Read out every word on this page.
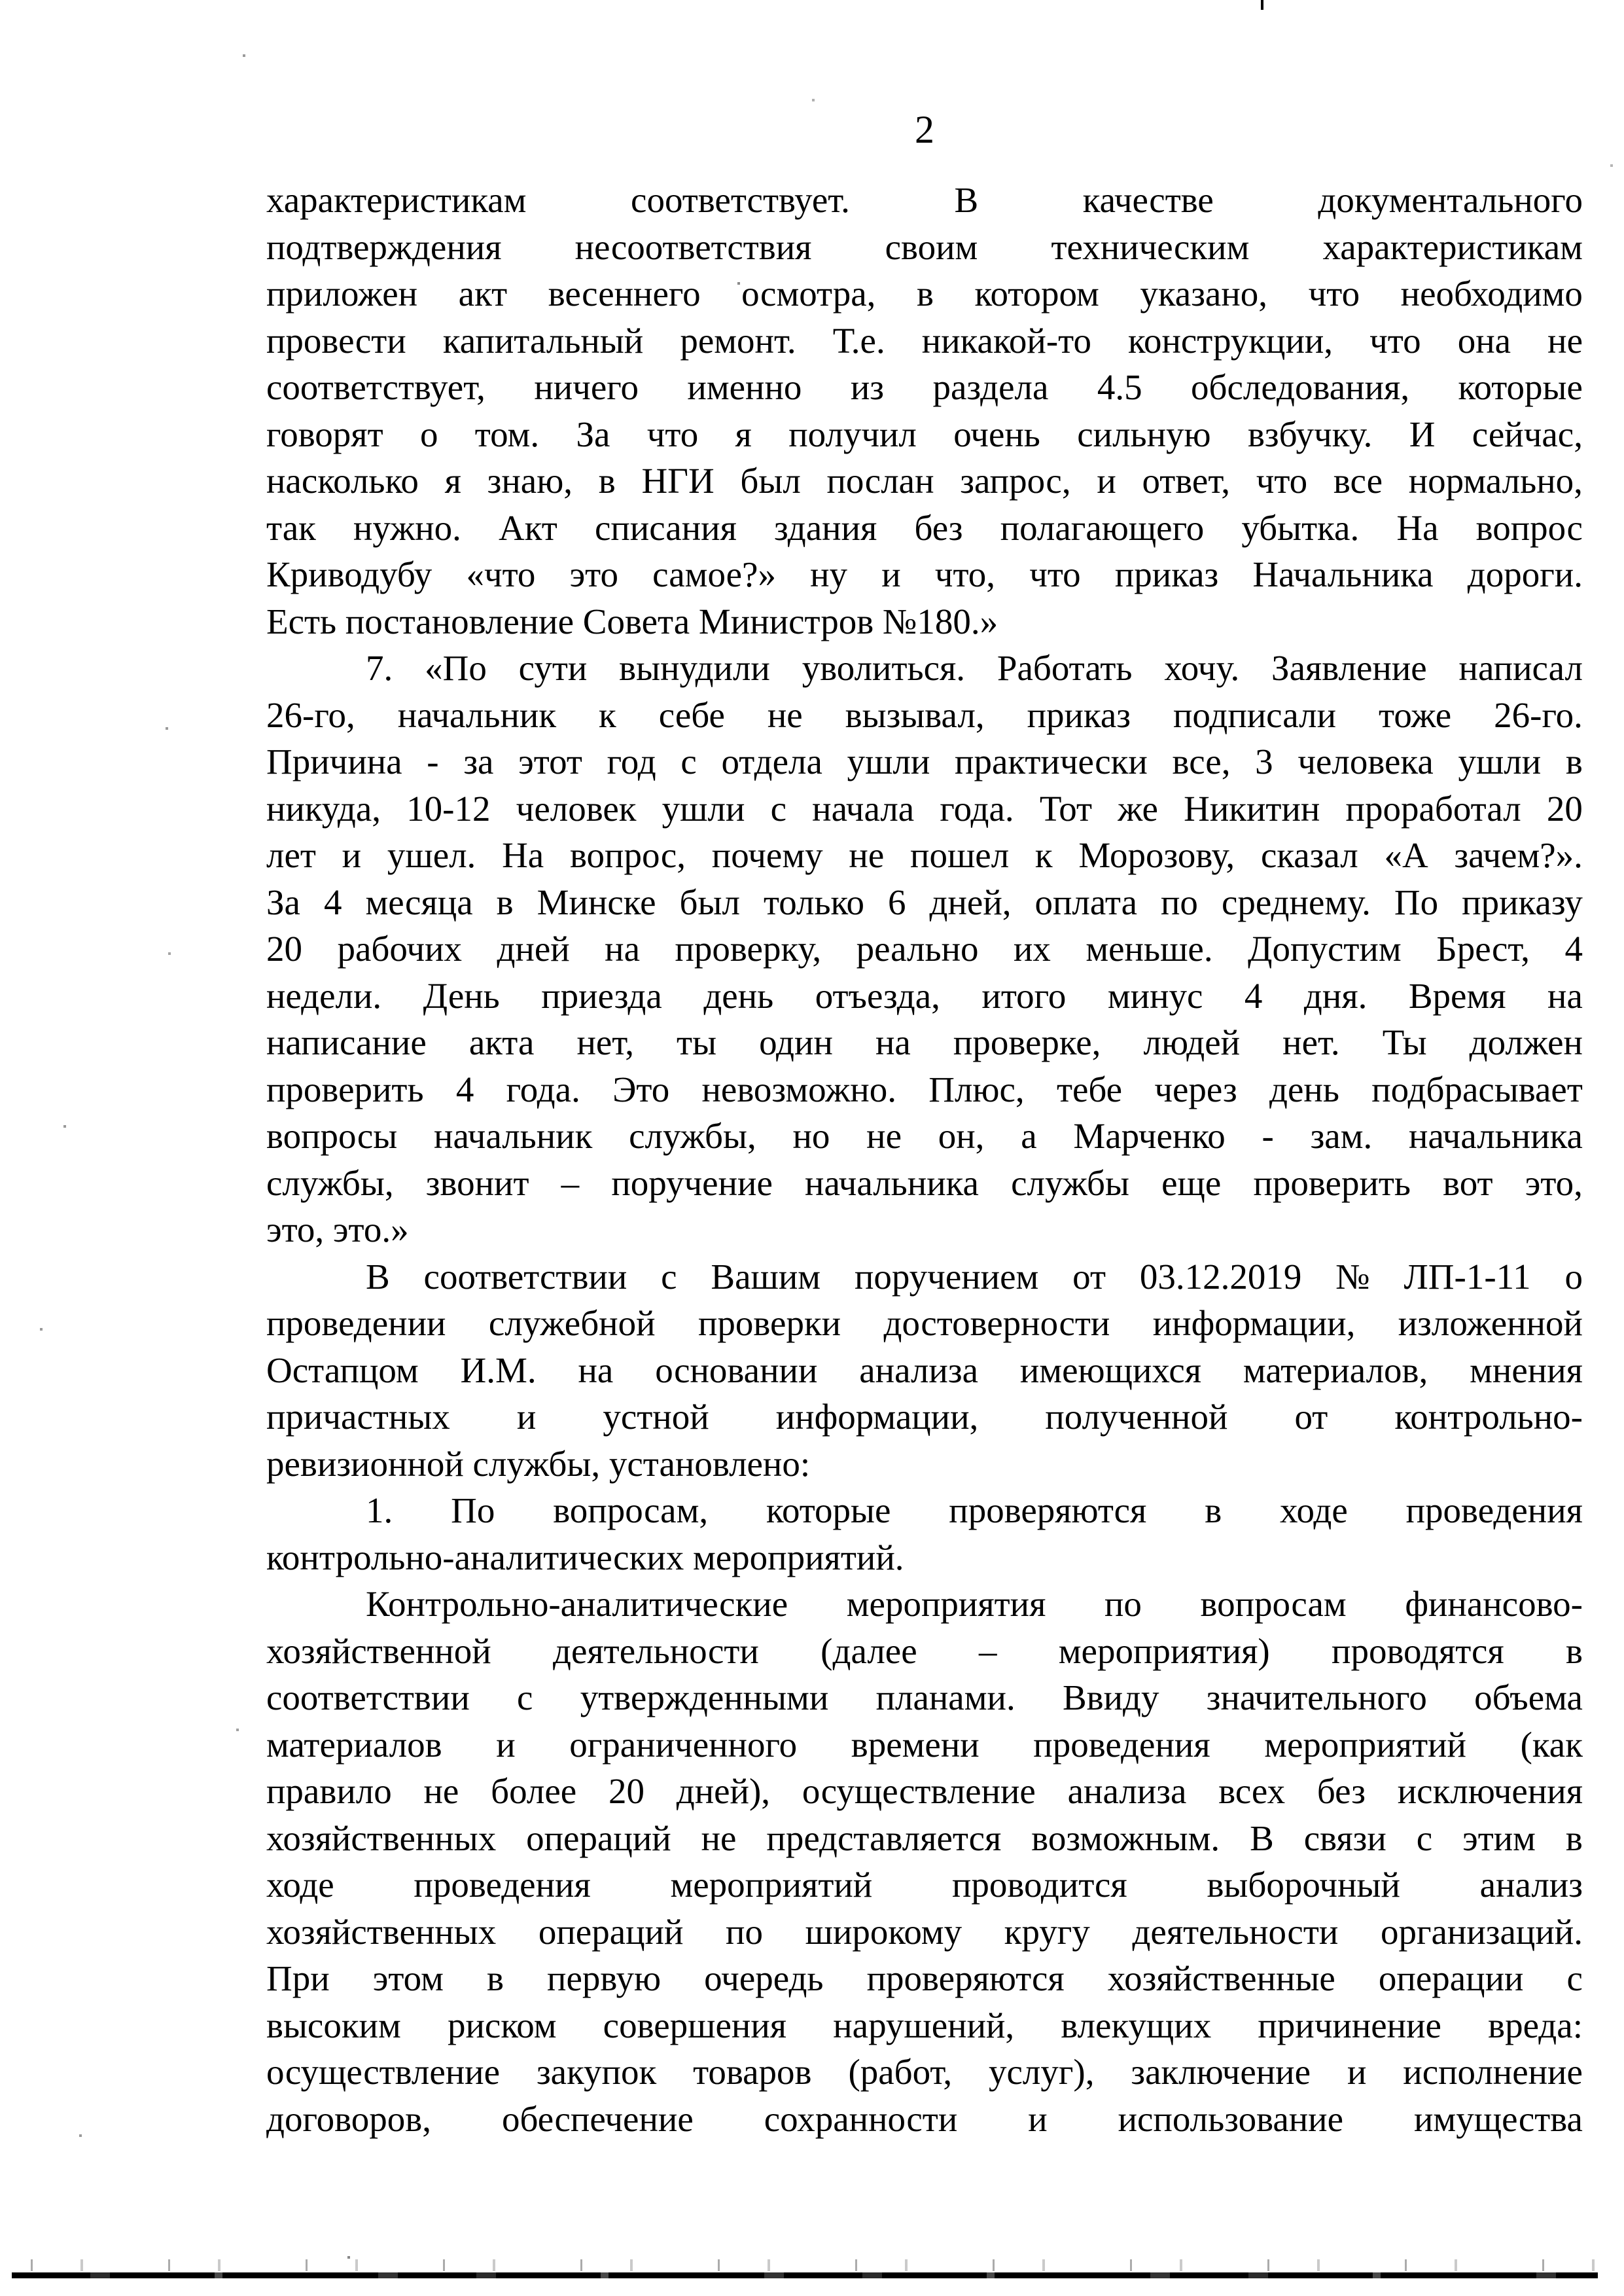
2
характеристикам	соответствует.	В	качестве	документального
подтверждения несоответствия своим техническим характеристикам
приложен акт весеннего осмотра, в котором указано, что необходимо
провести капитальный ремонт. Т.е. никакой-то конструкции, что она не
соответствует, ничего именно из раздела 4.5 обследования, которые
говорят о том. За что я получил очень сильную взбучку. И сейчас,
насколько я знаю, в НГИ был послан запрос, и ответ, что все нормально,
так нужно. Акт списания здания без полагающего убытка. На вопрос
Криводубу «что это самое?» ну и что, что приказ Начальника дороги.
Есть постановление Совета Министров №180.»
7. «По сути вынудили уволиться. Работать хочу. Заявление написал
26-го, начальник к себе не вызывал, приказ подписали тоже 26-го.
Причина - за этот год с отдела ушли практически все, 3 человека ушли в
никуда, 10-12 человек ушли с начала года. Тот же Никитин проработал 20
лет и ушел. На вопрос, почему не пошел к Морозову, сказал «А зачем?».
За 4 месяца в Минске был только 6 дней, оплата по среднему. По приказу
20 рабочих дней на проверку, реально их меньше. Допустим Брест, 4
недели. День приезда день отъезда, итого минус 4 дня. Время на
написание акта нет, ты один на проверке, людей нет. Ты должен
проверить 4 года. Это невозможно. Плюс, тебе через день подбрасывает
вопросы начальник службы, но не он, а Марченко - зам. начальника
службы, звонит – поручение начальника службы еще проверить вот это,
это, это.»
В соответствии с Вашим поручением от 03.12.2019 № ЛП-1-11 о
проведении служебной проверки достоверности информации, изложенной
Остапцом И.М. на основании анализа имеющихся материалов, мнения
причастных и устной информации, полученной от контрольно-
ревизионной службы, установлено:
1. По вопросам, которые проверяются в ходе проведения
контрольно-аналитических мероприятий.
Контрольно-аналитические мероприятия по вопросам финансово-
хозяйственной деятельности (далее – мероприятия) проводятся в
соответствии с утвержденными планами. Ввиду значительного объема
материалов и ограниченного времени проведения мероприятий (как
правило не более 20 дней), осуществление анализа всех без исключения
хозяйственных операций не представляется возможным. В связи с этим в
ходе проведения мероприятий проводится выборочный анализ
хозяйственных операций по широкому кругу деятельности организаций.
При этом в первую очередь проверяются хозяйственные операции с
высоким риском совершения нарушений, влекущих причинение вреда:
осуществление закупок товаров (работ, услуг), заключение и исполнение
договоров, обеспечение сохранности и использование имущества
